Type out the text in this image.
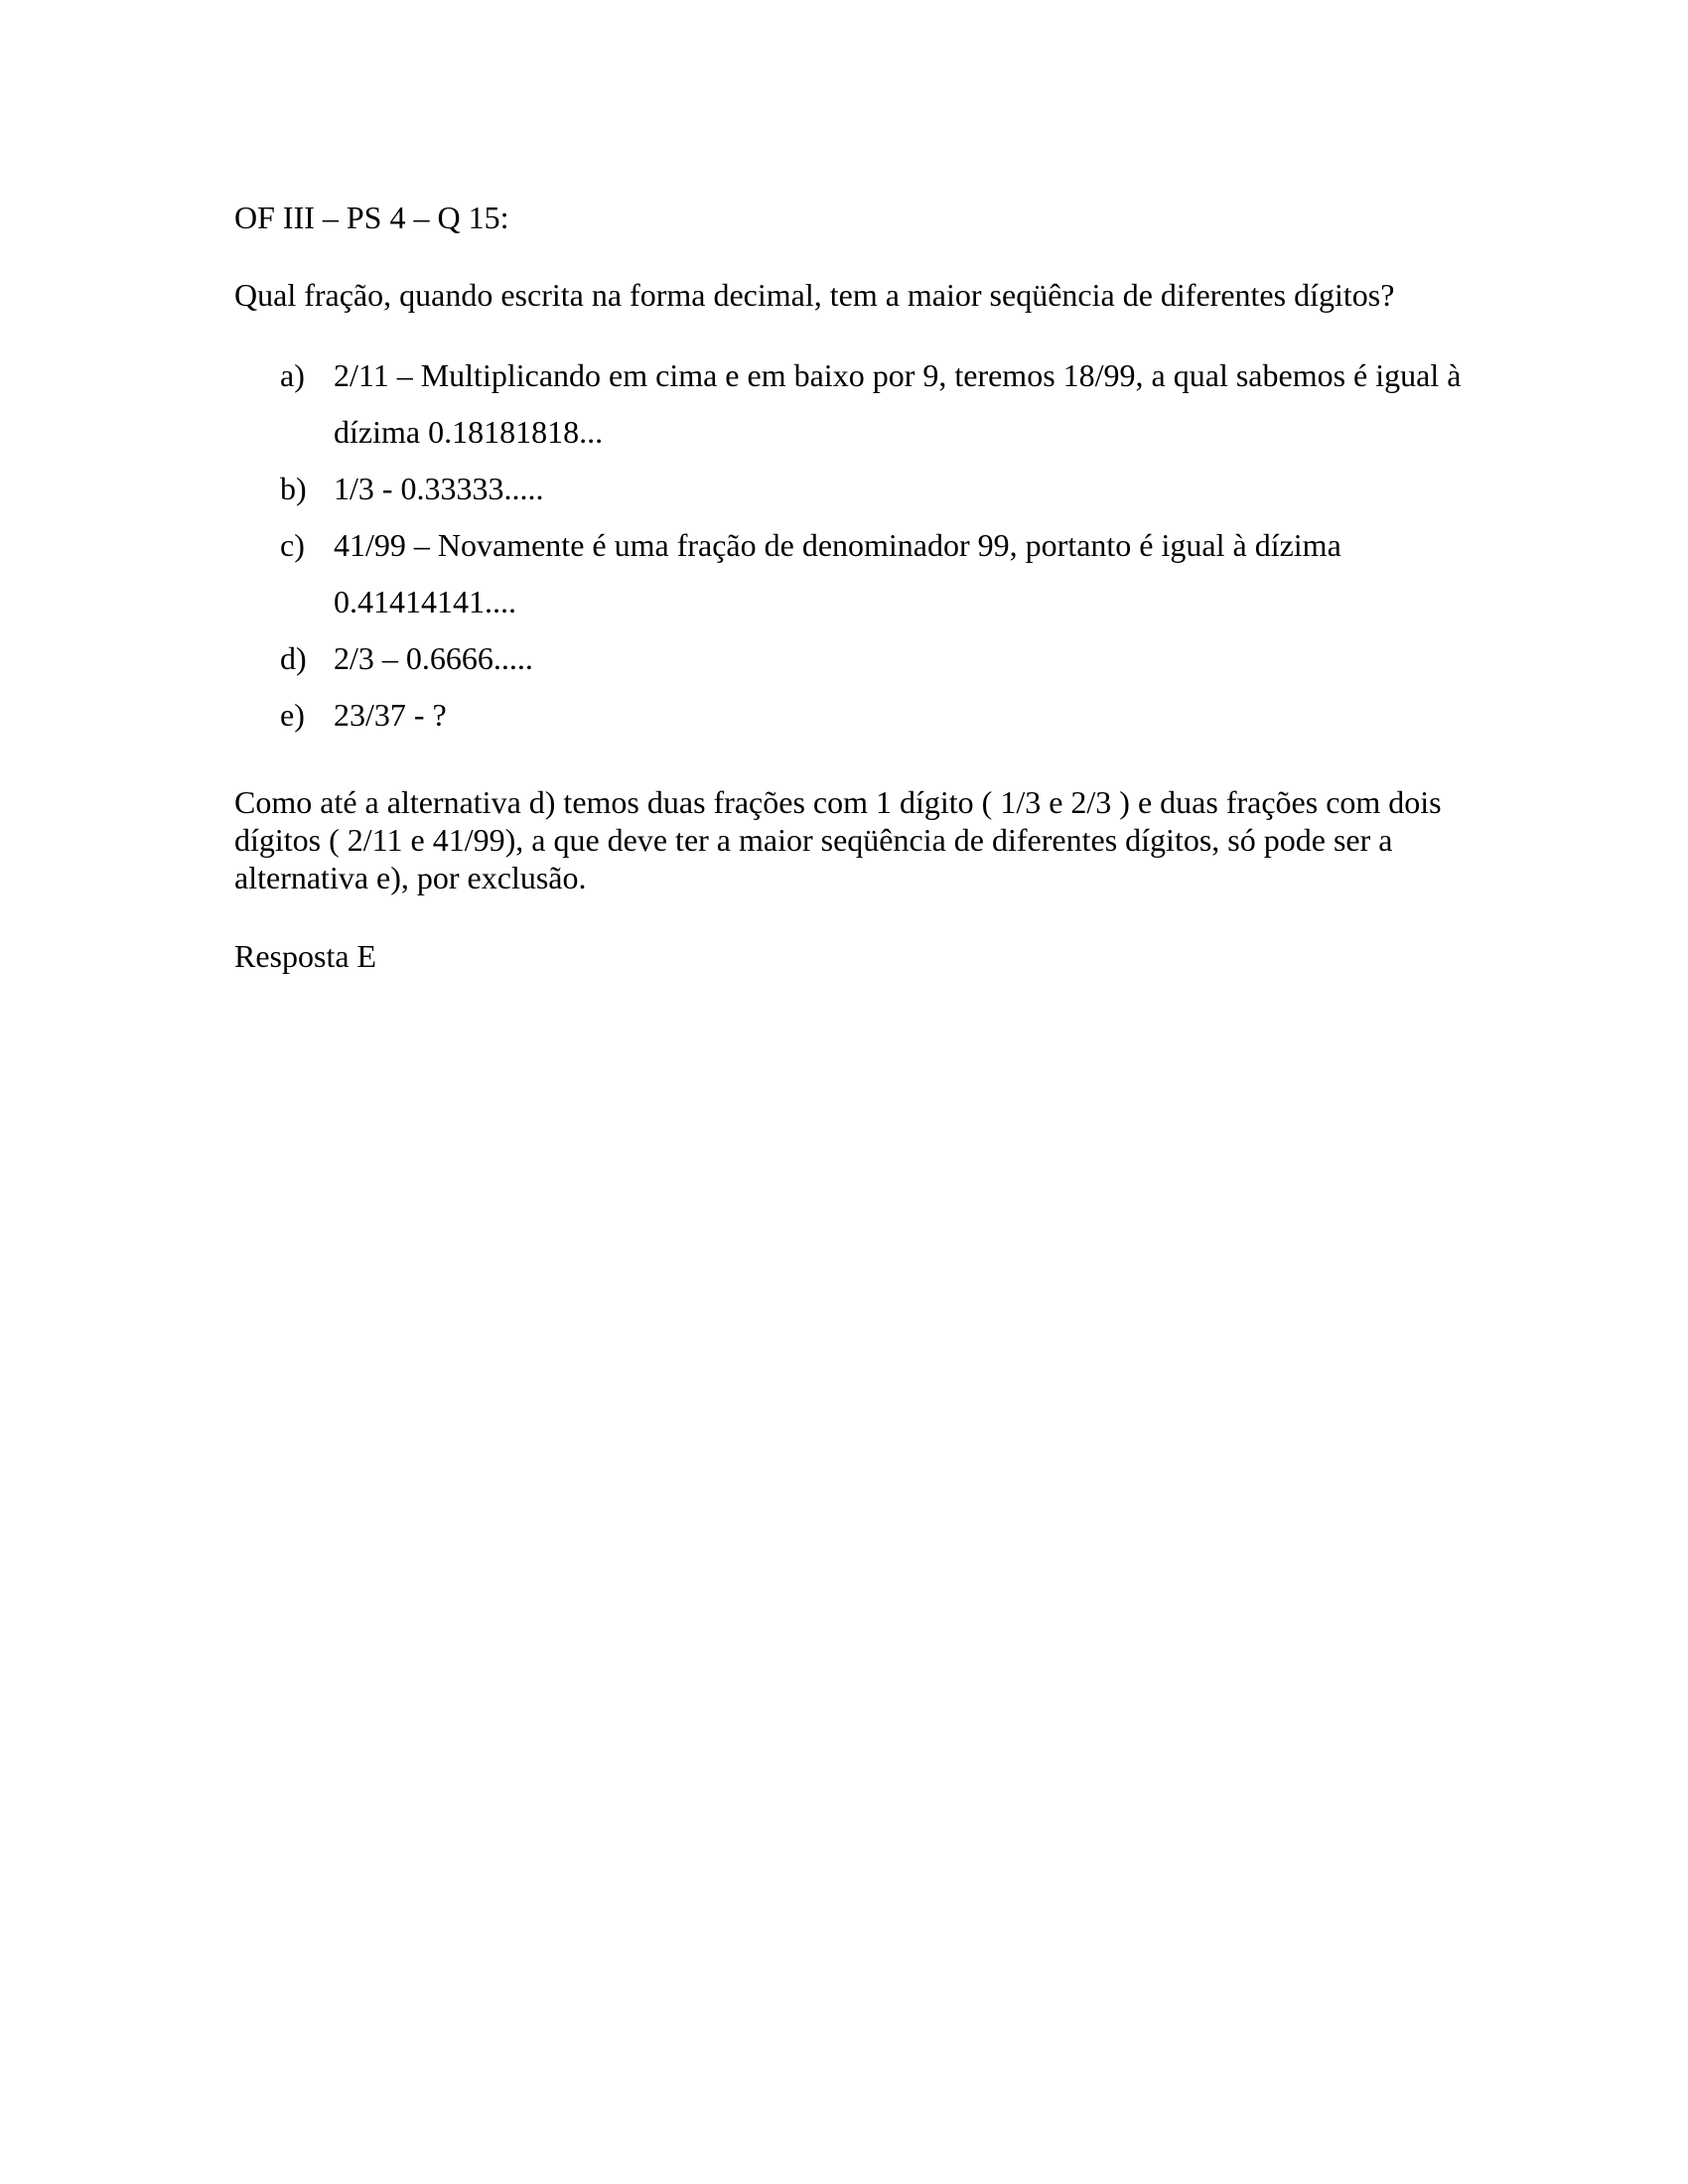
OF III – PS 4 – Q 15:
Qual fração, quando escrita na forma decimal, tem a maior seqüência de diferentes dígitos?
a) 2/11 – Multiplicando em cima e em baixo por 9, teremos 18/99, a qual sabemos é igual à dízima 0.18181818...
b) 1/3 - 0.33333.....
c) 41/99 – Novamente é uma fração de denominador 99, portanto é igual à dízima 0.41414141....
d) 2/3 – 0.6666.....
e) 23/37 - ?
Como até a alternativa d) temos duas frações com 1 dígito ( 1/3 e 2/3 ) e duas frações com dois dígitos ( 2/11 e 41/99), a que deve ter a maior seqüência de diferentes dígitos, só pode ser a alternativa e), por exclusão.
Resposta E
